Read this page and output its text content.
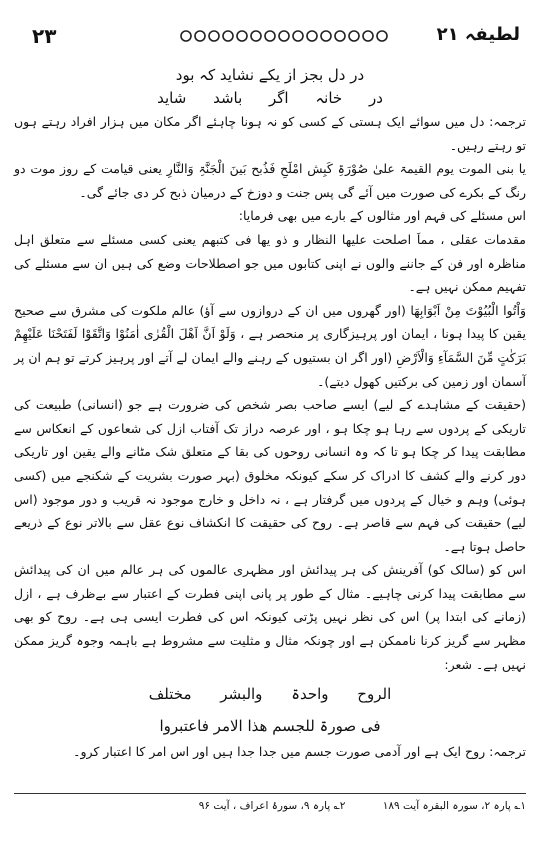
۲۳	لطیفہ ۲۱

در دل بجز از یکے نشاید کہ بود

در خانہ اگر باشد شاید

ترجمہ: دل میں سوائے ایک ہستی کے کسی کو نہ ہونا چاہئے اگر مکان میں ہزار افراد رہتے ہوں تو رہتے رہیں۔

یا بنی الموت یوم القیمۃ علیٰ صُوْرَۃِ کَبِش امْلَحِ فَذُبح بَینَ الْجَنَّۃِ وَالنَّارِ یعنی قیامت کے روز موت دو رنگ کے بکرے کی صورت میں آئے گی پس جنت و دوزخ کے درمیان ذبح کر دی جائے گی۔

اس مسئلے کی فہم اور مثالوں کے بارے میں بھی فرمایا:

مقدمات عقلی ، مماَ اصلحت علیھا النظار و ذو یھا فی کتبھم یعنی کسی مسئلے سے متعلق اہل مناظرہ اور فن کے جاننے والوں نے اپنی کتابوں میں جو اصطلاحات وضع کی ہیں ان سے مسئلے کی تفہیم ممکن نہیں ہے۔

وَاْتُوا الْبُیُوْتَ مِنْ اَبْوَابِھَا (اور گھروں میں ان کے دروازوں سے آؤ) عالم ملکوت کی مشرق سے صحیح یقین کا پیدا ہونا ، ایمان اور پرہیزگاری پر منحصر ہے ، وَلَوْ اَنَّ اَھْلَ الْقُرٰی اٰمَنُوْا وَاتَّقَوْا لَفَتَحْنَا عَلَیْھِمْ بَرَکٰتٍ مِّنَ السَّمَآءِ وَالْاَرْضِ (اور اگر ان بستیوں کے رہنے والے ایمان لے آتے اور پرہیز کرتے تو ہم ان پر آسمان اور زمین کی برکتیں کھول دیتے)۔

(حقیقت کے مشاہدے کے لیے) ایسے صاحب بصر شخص کی ضرورت ہے جو (انسانی) طبیعت کی تاریکی کے پردوں سے رہا ہو چکا ہو ، اور عرصہ دراز تک آفتاب ازل کی شعاعوں کے انعکاس سے مطابقت پیدا کر چکا ہو تا کہ وہ انسانی روحوں کی بقا کے متعلق شک مٹانے والے یقین اور تاریکی دور کرنے والے کشف کا ادراک کر سکے کیونکہ مخلوق (بہر صورت بشریت کے شکنجے میں (کسی ہوئی) وہم و خیال کے پردوں میں گرفتار ہے ، نہ داخل و خارج موجود نہ قریب و دور موجود (اس لیے) حقیقت کی فہم سے قاصر ہے۔ روح کی حقیقت کا انکشاف نوع عقل سے بالاتر نوع کے ذریعے حاصل ہوتا ہے۔

اس کو (سالک کو) آفرینش کی ہر پیدائش اور مظہری عالموں کی ہر عالم میں ان کی پیدائش سے مطابقت پیدا کرنی چاہیے۔ مثال کے طور پر پانی اپنی فطرت کے اعتبار سے بےظرف ہے ، ازل (زمانے کی ابتدا پر) اس کی نظر نہیں پڑتی کیونکہ اس کی فطرت ایسی ہی ہے۔ روح کو بھی مظہر سے گریز کرنا ناممکن ہے اور چونکہ مثال و مثلیت سے مشروط ہے باہمہ وجوہ گریز ممکن نہیں ہے۔ شعر:

الروح واحدۃ والبشر مختلف

فی صورۃ للجسم ھذا الامر فاعتبروا

ترجمہ: روح ایک ہے اور آدمی صورت جسم میں جدا جدا ہیں اور اس امر کا اعتبار کرو۔

۱؎ پارہ ۲، سورہ البقرہ آیت ۱۸۹ ۲؎ پارہ ۹، سورۂ اعراف ، آیت ۹۶
